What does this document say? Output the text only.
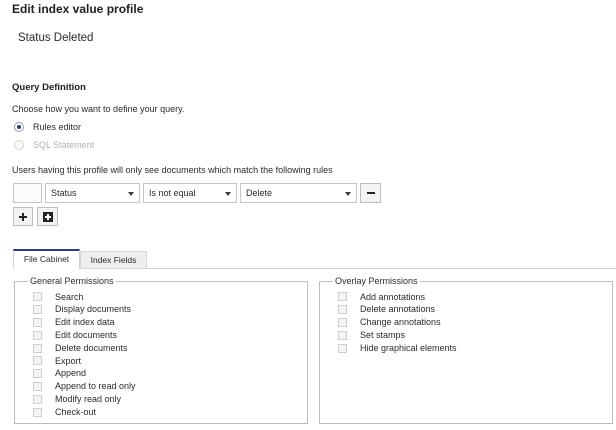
Edit index value profile
Status Deleted
Query Definition
Choose how you want to define your query.
Rules editor
SQL Statement
Users having this profile will only see documents which match the following rules
Status	Is not equal	Delete
File Cabinet	Index Fields
General Permissions
Search
Display documents
Edit index data
Edit documents
Delete documents
Export
Append
Append to read only
Modify read only
Check-out
Overlay Permissions
Add annotations
Delete annotations
Change annotations
Set stamps
Hide graphical elements
